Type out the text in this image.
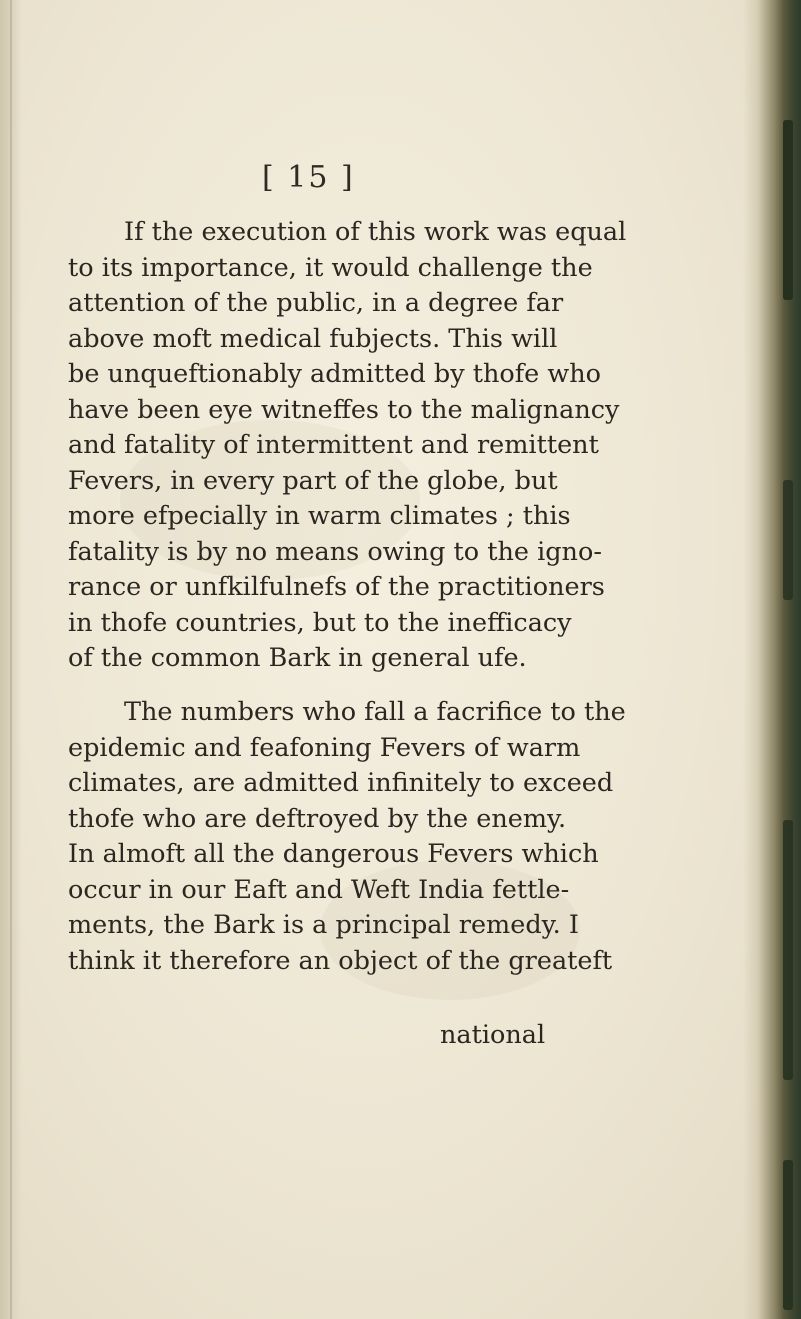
[ 15 ]
If the execution of this work was equal
to its importance, it would challenge the
attention of the public, in a degree far
above moft medical fubjects. This will
be unqueftionably admitted by thofe who
have been eye witneffes to the malignancy
and fatality of intermittent and remittent
Fevers, in every part of the globe, but
more efpecially in warm climates ; this
fatality is by no means owing to the igno-
rance or unfkilfulnefs of the practitioners
in thofe countries, but to the inefficacy
of the common Bark in general ufe.
The numbers who fall a facrifice to the
epidemic and feafoning Fevers of warm
climates, are admitted infinitely to exceed
thofe who are deftroyed by the enemy.
In almoft all the dangerous Fevers which
occur in our Eaft and Weft India fettle-
ments, the Bark is a principal remedy. I
think it therefore an object of the greateft
national
